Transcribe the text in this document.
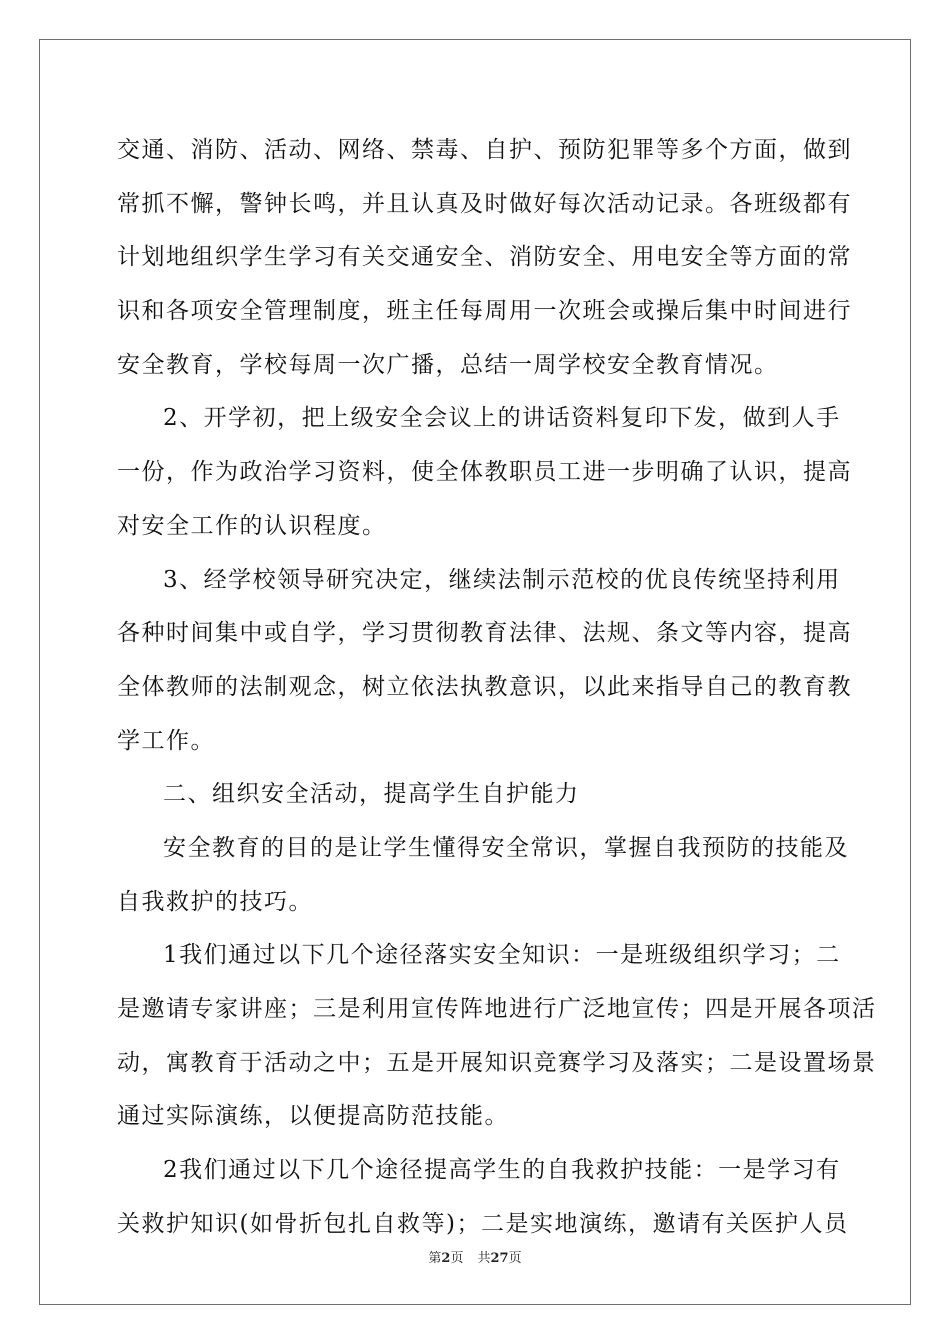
交通、消防、活动、网络、禁毒、自护、预防犯罪等多个方面，做到
常抓不懈，警钟长鸣，并且认真及时做好每次活动记录。各班级都有
计划地组织学生学习有关交通安全、消防安全、用电安全等方面的常
识和各项安全管理制度，班主任每周用一次班会或操后集中时间进行
安全教育，学校每周一次广播，总结一周学校安全教育情况。
2、开学初，把上级安全会议上的讲话资料复印下发，做到人手
一份，作为政治学习资料，使全体教职员工进一步明确了认识，提高
对安全工作的认识程度。
3、经学校领导研究决定，继续法制示范校的优良传统坚持利用
各种时间集中或自学，学习贯彻教育法律、法规、条文等内容，提高
全体教师的法制观念，树立依法执教意识，以此来指导自己的教育教
学工作。
二、组织安全活动，提高学生自护能力
安全教育的目的是让学生懂得安全常识，掌握自我预防的技能及
自我救护的技巧。
1我们通过以下几个途径落实安全知识：一是班级组织学习；二
是邀请专家讲座；三是利用宣传阵地进行广泛地宣传；四是开展各项活
动，寓教育于活动之中；五是开展知识竞赛学习及落实；二是设置场景
通过实际演练，以便提高防范技能。
2我们通过以下几个途径提高学生的自我救护技能：一是学习有
关救护知识(如骨折包扎自救等)；二是实地演练，邀请有关医护人员
第2页 共27页
